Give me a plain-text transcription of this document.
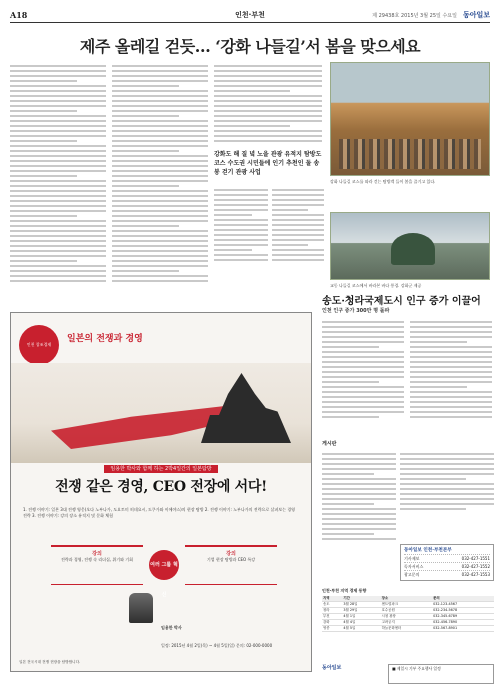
A18	인천·부천	제 29438호 2015년 3월 25일 수요일 동아일보
제주 올레길 걷듯… ‘강화 나들길’서 봄을 맞으세요
강화도 해 질 녘 노을 관광 유적지 탐방도 코스 수도권 시민들에 인기 추천인 둘 송봉 걷기 관광 사업
강화 나들길 코스를 따라 걷는 탐방객 들이 봄을 즐기고 있다.
교동 나들길 코스에서 바라본 바다 풍경. 강화군 제공
인천 창조경제
일본의 전쟁과 경영
임용한 박사와 함께 하는 2박4일간의 일본탐방
전쟁 같은 경영, CEO 전장에 서다!
1. 전쟁 이야기: 일본 3대 전쟁 영웅(오다 노부나가, 도요토미 히데요시, 도쿠가와 이에야스)의 현장 탐방 2. 전쟁 이야기: 노부나가의 전략으로 살펴보는 경영 전략 3. 전쟁 이야기: 강의 장소 유적지 및 문화 체험
강의
전략과 경영, 전쟁 속 리더십, 위기와 기회
여러 그룹 혁신
강의
기업 현장 탐방과 CEO 특강
임용한 박사
일본 전국시대 전쟁 현장을 탐방합니다.
일정: 2015년 4월 2일(목) ~ 4월 5일(일) 문의: 02-000-0000
송도·청라국제도시 인구 증가 이끌어
인천 인구 증가 300만 명 돌파
게시판
동아일보 인천·부천본부
기사제보	032-427-1551
독자서비스	032-427-1552
광고문의	032-427-1553
인천·부천 지역 경제 동향
지역	기간	장소	문의
송도	3월 28일	센트럴파크	032-123-4567
청라	3월 29일	호수공원	032-234-5678
부천	4월 1일	시청 광장	032-345-6789
강화	4월 4일	고려궁지	032-456-7890
영종	4월 5일	하늘문화센터	032-567-8901
동아일보	■ 제일시 기부 주요행사 일정
